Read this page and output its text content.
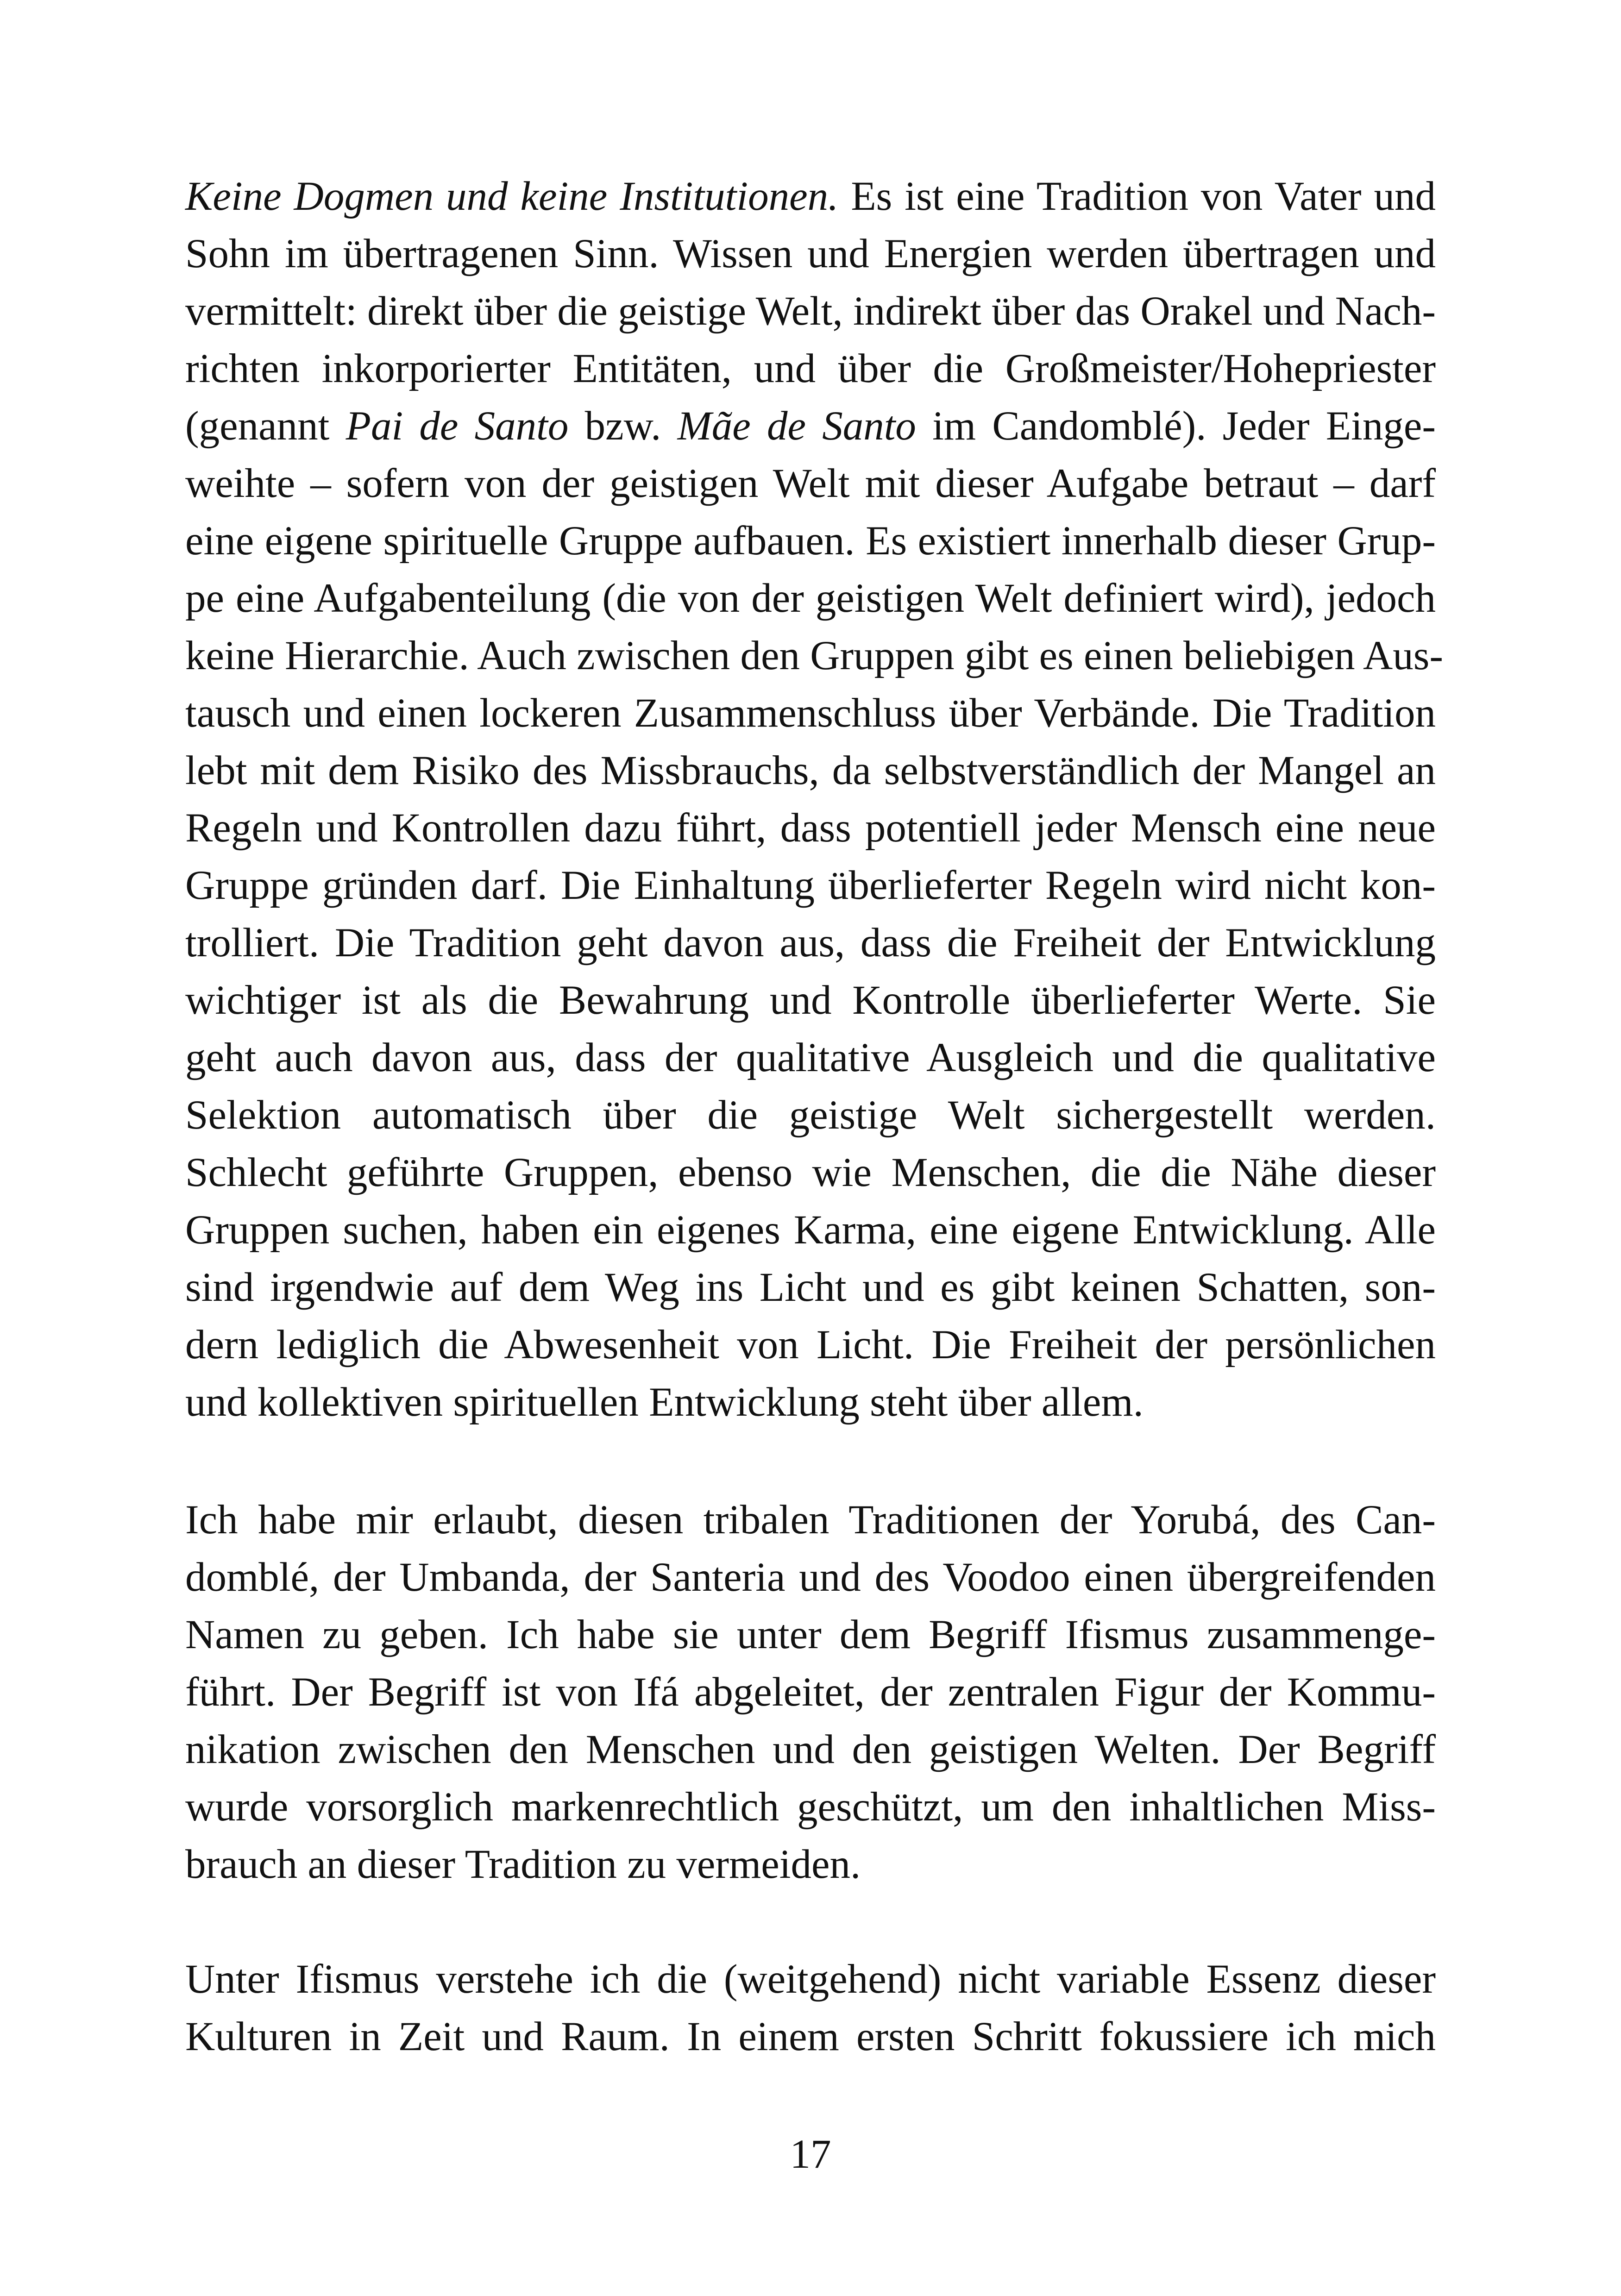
Keine Dogmen und keine Institutionen. Es ist eine Tradition von Vater und
Sohn im übertragenen Sinn. Wissen und Energien werden übertragen und
vermittelt: direkt über die geistige Welt, indirekt über das Orakel und Nach-
richten inkorporierter Entitäten, und über die Großmeister/Hohepriester
(genannt Pai de Santo bzw. Mãe de Santo im Candomblé). Jeder Einge-
weihte – sofern von der geistigen Welt mit dieser Aufgabe betraut – darf
eine eigene spirituelle Gruppe aufbauen. Es existiert innerhalb dieser Grup-
pe eine Aufgabenteilung (die von der geistigen Welt definiert wird), jedoch
keine Hierarchie. Auch zwischen den Gruppen gibt es einen beliebigen Aus-
tausch und einen lockeren Zusammenschluss über Verbände. Die Tradition
lebt mit dem Risiko des Missbrauchs, da selbstverständlich der Mangel an
Regeln und Kontrollen dazu führt, dass potentiell jeder Mensch eine neue
Gruppe gründen darf. Die Einhaltung überlieferter Regeln wird nicht kon-
trolliert. Die Tradition geht davon aus, dass die Freiheit der Entwicklung
wichtiger ist als die Bewahrung und Kontrolle überlieferter Werte. Sie
geht auch davon aus, dass der qualitative Ausgleich und die qualitative
Selektion automatisch über die geistige Welt sichergestellt werden.
Schlecht geführte Gruppen, ebenso wie Menschen, die die Nähe dieser
Gruppen suchen, haben ein eigenes Karma, eine eigene Entwicklung. Alle
sind irgendwie auf dem Weg ins Licht und es gibt keinen Schatten, son-
dern lediglich die Abwesenheit von Licht. Die Freiheit der persönlichen
und kollektiven spirituellen Entwicklung steht über allem.
Ich habe mir erlaubt, diesen tribalen Traditionen der Yorubá, des Can-
domblé, der Umbanda, der Santeria und des Voodoo einen übergreifenden
Namen zu geben. Ich habe sie unter dem Begriff Ifismus zusammenge-
führt. Der Begriff ist von Ifá abgeleitet, der zentralen Figur der Kommu-
nikation zwischen den Menschen und den geistigen Welten. Der Begriff
wurde vorsorglich markenrechtlich geschützt, um den inhaltlichen Miss-
brauch an dieser Tradition zu vermeiden.
Unter Ifismus verstehe ich die (weitgehend) nicht variable Essenz dieser
Kulturen in Zeit und Raum. In einem ersten Schritt fokussiere ich mich
17
